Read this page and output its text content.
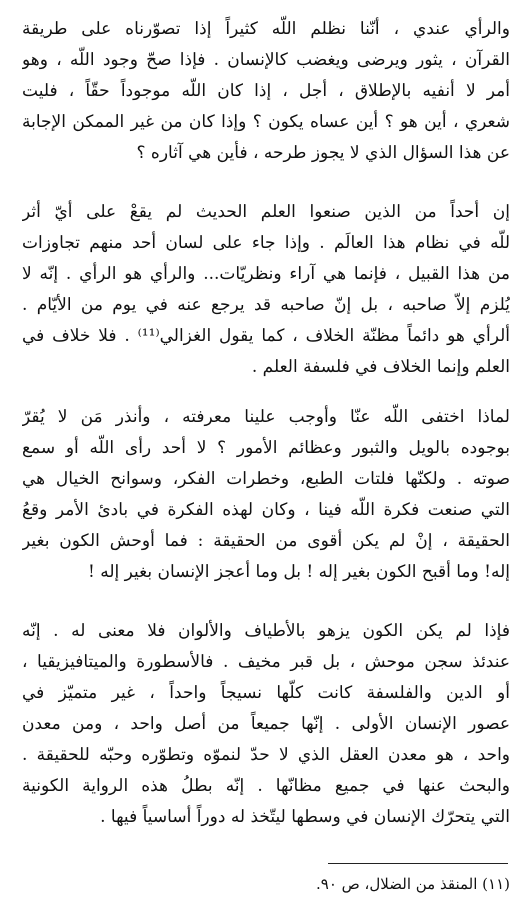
والرأي عندي ، أنّنا نظلم اللّه كثيراً إذا تصوّرناه على طريقة
القرآن ، يثور ويرضى ويغضب كالإنسان . فإذا صحّ وجود اللّه ، وهو
أمر لا أنفيه بالإطلاق ، أجل ، إذا كان اللّه موجوداً حقّاً ، فليت
شعري ، أين هو ؟ أين عساه يكون ؟ وإذا كان من غير الممكن الإجابة
عن هذا السؤال الذي لا يجوز طرحه ، فأين هي آثاره ؟
إن أحداً من الذين صنعوا العلم الحديث لم يقعْ على أيّ أثر
للّه في نظام هذا العالَم . وإذا جاء على لسان أحد منهم تجاوزات
من هذا القبيل ، فإنما هي آراء ونظريّات... والرأي هو الرأي . إنّه لا
يُلزم إلاّ صاحبه ، بل إنّ صاحبه قد يرجع عنه في يوم من الأيّام .
ألرأي هو دائماً مظنّة الخلاف ، كما يقول الغزالي⁽¹¹⁾ . فلا خلاف في
العلم وإنما الخلاف في فلسفة العلم .
لماذا اختفى اللّه عنّا وأوجب علينا معرفته ، وأنذر مَن لا يُقرّ
بوجوده بالويل والثبور وعظائم الأمور ؟ لا أحد رأى اللّه أو سمع
صوته . ولكنّها فلتات الطبع، وخطرات الفكر، وسوانح الخيال هي
التي صنعت فكرة اللّه فينا ، وكان لهذه الفكرة في بادئ الأمر وقعُ
الحقيقة ، إنْ لم يكن أقوى من الحقيقة : فما أوحش الكون بغير
إله! وما أقبح الكون بغير إله ! بل وما أعجز الإنسان بغير إله !
فإذا لم يكن الكون يزهو بالأطياف والألوان فلا معنى له . إنّه
عندئذ سجن موحش ، بل قبر مخيف . فالأسطورة والميتافيزيقيا ،
أو الدين والفلسفة كانت كلّها نسيجاً واحداً ، غير متميّز في
عصور الإنسان الأولى . إنّها جميعاً من أصل واحد ، ومن معدن
واحد ، هو معدن العقل الذي لا حدّ لنموّه وتطوّره وحبّه للحقيقة .
والبحث عنها في جميع مظانّها . إنّه بطلُ هذه الرواية الكونية
التي يتحرّك الإنسان في وسطها ليتّخذ له دوراً أساسياً فيها .
(١١) المنقذ من الضلال، ص ٩٠.
